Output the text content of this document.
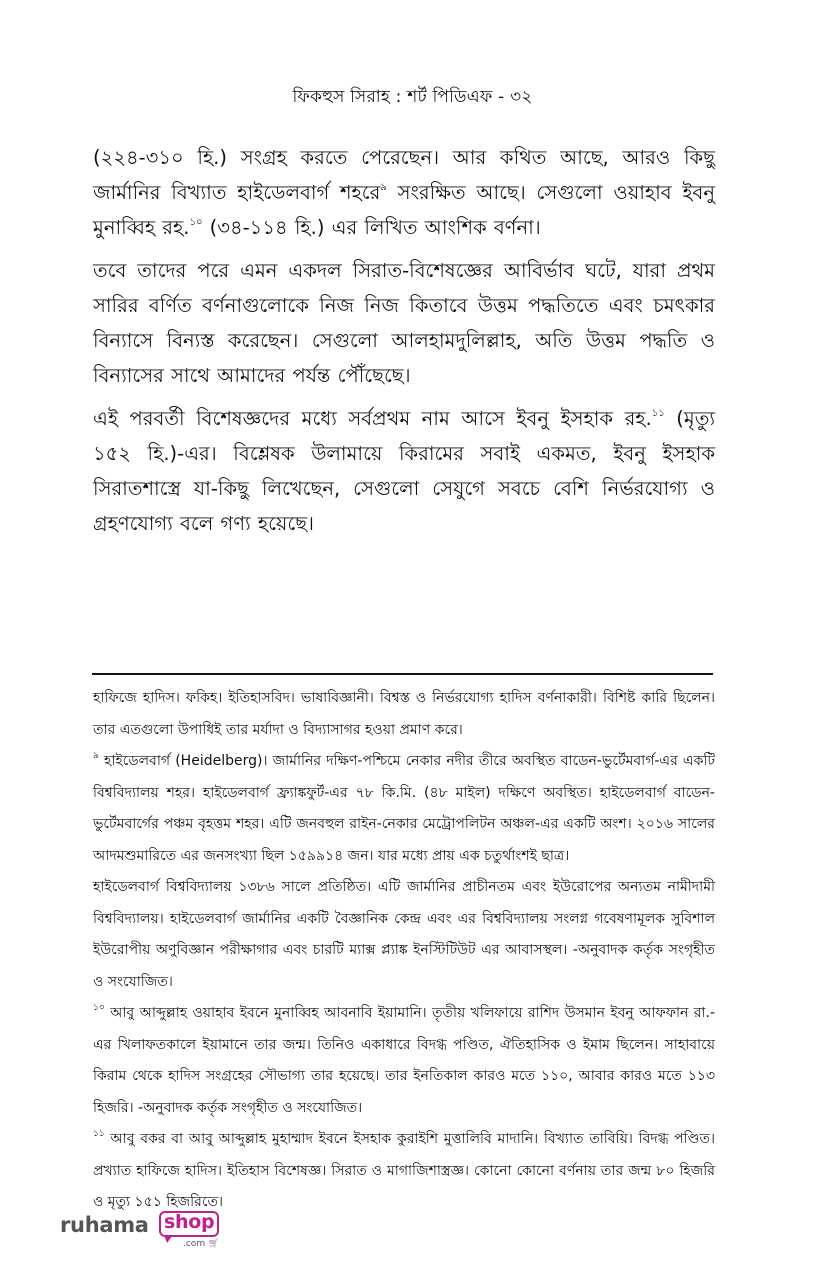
ফিকহুস সিরাহ : শর্ট পিডিএফ - ৩২

(২২৪-৩১০ হি.) সংগ্রহ করতে পেরেছেন। আর কথিত আছে, আরও কিছু জার্মানির বিখ্যাত হাইডেলবার্গ শহরে$^৯$ সংরক্ষিত আছে। সেগুলো ওয়াহাব ইবনু মুনাব্বিহ রহ.$^{১০}$ (৩৪-১১৪ হি.) এর লিখিত আংশিক বর্ণনা।

তবে তাদের পরে এমন একদল সিরাত-বিশেষজ্ঞের আবির্ভাব ঘটে, যারা প্রথম সারির বর্ণিত বর্ণনাগুলোকে নিজ নিজ কিতাবে উত্তম পদ্ধতিতে এবং চমৎকার বিন্যাসে বিন্যস্ত করেছেন। সেগুলো আলহামদুলিল্লাহ, অতি উত্তম পদ্ধতি ও বিন্যাসের সাথে আমাদের পর্যন্ত পৌঁছেছে।

এই পরবর্তী বিশেষজ্ঞদের মধ্যে সর্বপ্রথম নাম আসে ইবনু ইসহাক রহ.$^{১১}$ (মৃত্যু ১৫২ হি.)-এর। বিশ্লেষক উলামায়ে কিরামের সবাই একমত, ইবনু ইসহাক সিরাতশাস্ত্রে যা-কিছু লিখেছেন, সেগুলো সেযুগে সবচে বেশি নির্ভরযোগ্য ও গ্রহণযোগ্য বলে গণ্য হয়েছে।

হাফিজে হাদিস। ফকিহ। ইতিহাসবিদ। ভাষাবিজ্ঞানী। বিশ্বস্ত ও নির্ভরযোগ্য হাদিস বর্ণনাকারী। বিশিষ্ট কারি ছিলেন। তার এতগুলো উপাধিই তার মর্যাদা ও বিদ্যাসাগর হওয়া প্রমাণ করে।

$^৯$ হাইডেলবার্গ (Heidelberg)। জার্মানির দক্ষিণ-পশ্চিমে নেকার নদীর তীরে অবস্থিত বাডেন-ভুর্টেমবার্গ-এর একটি বিশ্ববিদ্যালয় শহর। হাইডেলবার্গ ফ্র্যাঙ্কফুর্ট-এর ৭৮ কি.মি. (৪৮ মাইল) দক্ষিণে অবস্থিত। হাইডেলবার্গ বাডেন-ভুর্টেমবার্গের পঞ্চম বৃহত্তম শহর। এটি জনবহুল রাইন-নেকার মেট্রোপলিটন অঞ্চল-এর একটি অংশ। ২০১৬ সালের আদমশুমারিতে এর জনসংখ্যা ছিল ১৫৯৯১৪ জন। যার মধ্যে প্রায় এক চতুর্থাংশই ছাত্র।

হাইডেলবার্গ বিশ্ববিদ্যালয় ১৩৮৬ সালে প্রতিষ্ঠিত। এটি জার্মানির প্রাচীনতম এবং ইউরোপের অন্যতম নামীদামী বিশ্ববিদ্যালয়। হাইডেলবার্গ জার্মানির একটি বৈজ্ঞানিক কেন্দ্র এবং এর বিশ্ববিদ্যালয় সংলগ্ন গবেষণামূলক সুবিশাল ইউরোপীয় অণুবিজ্ঞান পরীক্ষাগার এবং চারটি ম্যাক্স প্ল্যাঙ্ক ইনস্টিটিউট এর আবাসস্থল। -অনুবাদক কর্তৃক সংগৃহীত ও সংযোজিত।

$^{১০}$ আবু আব্দুল্লাহ ওয়াহাব ইবনে মুনাব্বিহ আবনাবি ইয়ামানি। তৃতীয় খলিফায়ে রাশিদ উসমান ইবনু আফফান রা.-এর খিলাফতকালে ইয়ামানে তার জন্ম। তিনিও একাধারে বিদগ্ধ পণ্ডিত, ঐতিহাসিক ও ইমাম ছিলেন। সাহাবায়ে কিরাম থেকে হাদিস সংগ্রহের সৌভাগ্য তার হয়েছে। তার ইনতিকাল কারও মতে ১১০, আবার কারও মতে ১১৩ হিজরি। -অনুবাদক কর্তৃক সংগৃহীত ও সংযোজিত।

$^{১১}$ আবু বকর বা আবু আব্দুল্লাহ মুহাম্মাদ ইবনে ইসহাক কুরাইশি মুত্তালিবি মাদানি। বিখ্যাত তাবিয়ি। বিদগ্ধ পণ্ডিত। প্রখ্যাত হাফিজে হাদিস। ইতিহাস বিশেষজ্ঞ। সিরাত ও মাগাজিশাস্ত্রজ্ঞ। কোনো কোনো বর্ণনায় তার জন্ম ৮০ হিজরি ও মৃত্যু ১৫১ হিজরিতে।

ruhama shop
.com 🛒︎
